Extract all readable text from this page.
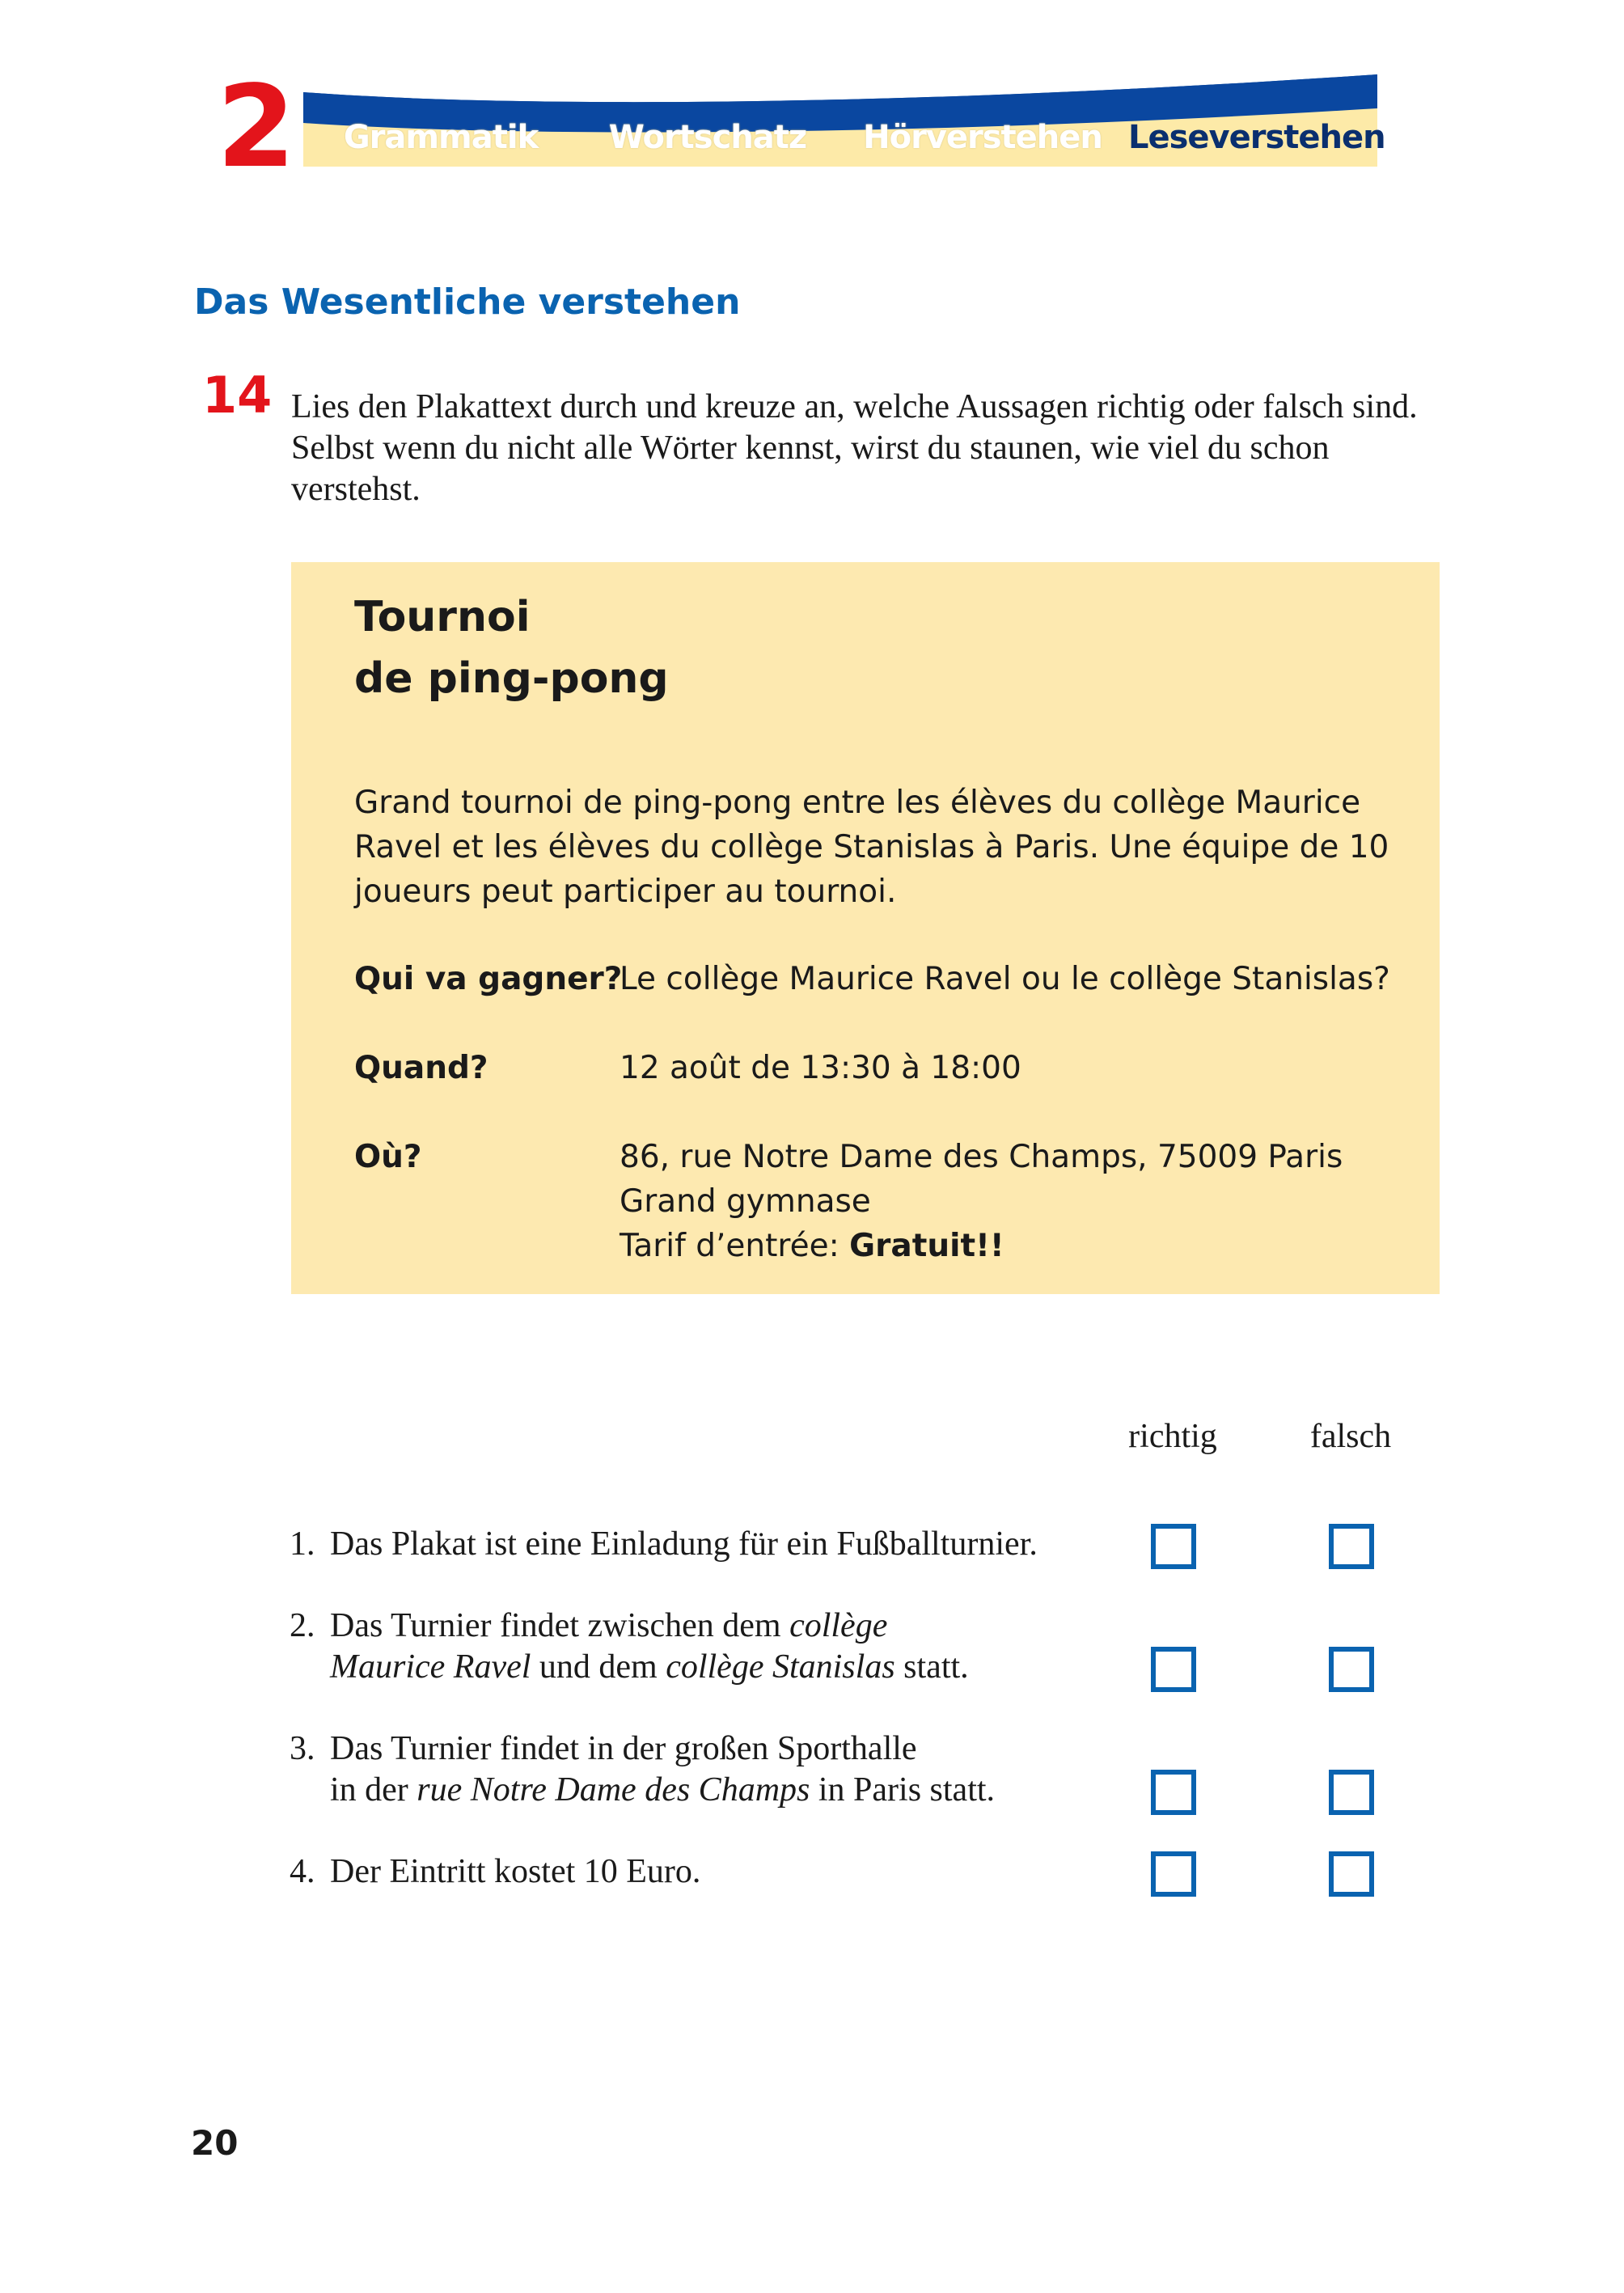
2 Grammatik Wortschatz Hörverstehen Leseverstehen
Das Wesentliche verstehen
14 Lies den Plakattext durch und kreuze an, welche Aussagen richtig oder falsch sind. Selbst wenn du nicht alle Wörter kennst, wirst du staunen, wie viel du schon verstehst.

Tournoi
de ping-pong

Grand tournoi de ping-pong entre les élèves du collège Maurice Ravel et les élèves du collège Stanislas à Paris. Une équipe de 10 joueurs peut participer au tournoi.

Qui va gagner?
Le collège Maurice Ravel ou le collège Stanislas?
Quand?	12 août de 13:30 à 18:00
Où?	86, rue Notre Dame des Champs, 75009 Paris
Grand gymnase
Tarif d’entrée: Gratuit!!
richtig	falsch
1. Das Plakat ist eine Einladung für ein Fußballturnier.

2. Das Turnier findet zwischen dem collège
Maurice Ravel und dem collège Stanislas statt.

3. Das Turnier findet in der großen Sporthalle
in der rue Notre Dame des Champs in Paris statt.

4. Der Eintritt kostet 10 Euro.

20
